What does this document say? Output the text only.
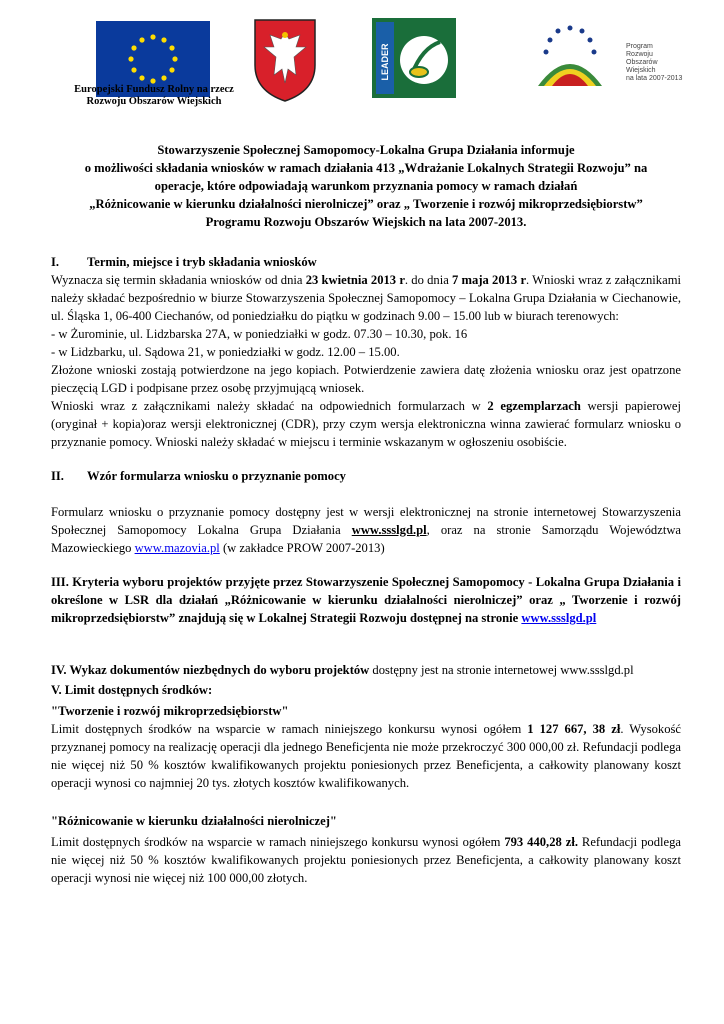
Europejski Fundusz Rolny na rzecz
Rozwoju Obszarów Wiejskich
LEADER	Program
Rozwoju
Obszarów
Wiejskich
na lata 2007-2013
Stowarzyszenie Społecznej Samopomocy-Lokalna Grupa Działania informuje
o możliwości składania wniosków w ramach działania 413 „Wdrażanie Lokalnych Strategii Rozwoju” na
operacje, które odpowiadają warunkom przyznania pomocy w ramach działań
„Różnicowanie w kierunku działalności nierolniczej” oraz „ Tworzenie i rozwój mikroprzedsiębiorstw”
Programu Rozwoju Obszarów Wiejskich na lata 2007-2013.
I. Termin, miejsce i tryb składania wniosków

Wyznacza się termin składania wniosków od dnia 23 kwietnia 2013 r. do dnia 7 maja 2013 r. Wnioski wraz z załącznikami należy składać bezpośrednio w biurze Stowarzyszenia Społecznej Samopomocy – Lokalna Grupa Działania w Ciechanowie, ul. Śląska 1, 06-400 Ciechanów, od poniedziałku do piątku w godzinach 9.00 – 15.00 lub w biurach terenowych:

- w Żurominie, ul. Lidzbarska 27A, w poniedziałki w godz. 07.30 – 10.30, pok. 16

- w Lidzbarku, ul. Sądowa 21, w poniedziałki w godz. 12.00 – 15.00.

Złożone wnioski zostają potwierdzone na jego kopiach. Potwierdzenie zawiera datę złożenia wniosku oraz jest opatrzone pieczęcią LGD i podpisane przez osobę przyjmującą wniosek.

Wnioski wraz z załącznikami należy składać na odpowiednich formularzach w 2 egzemplarzach wersji papierowej (oryginał + kopia)oraz wersji elektronicznej (CDR), przy czym wersja elektroniczna winna zawierać formularz wniosku o przyznanie pomocy. Wnioski należy składać w miejscu i terminie wskazanym w ogłoszeniu osobiście.

II. Wzór formularza wniosku o przyznanie pomocy

Formularz wniosku o przyznanie pomocy dostępny jest w wersji elektronicznej na stronie internetowej Stowarzyszenia Społecznej Samopomocy Lokalna Grupa Działania www.ssslgd.pl, oraz na stronie Samorządu Województwa Mazowieckiego www.mazovia.pl (w zakładce PROW 2007-2013)

III. Kryteria wyboru projektów przyjęte przez Stowarzyszenie Społecznej Samopomocy - Lokalna Grupa Działania i określone w LSR dla działań „Różnicowanie w kierunku działalności nierolniczej” oraz „ Tworzenie i rozwój mikroprzedsiębiorstw” znajdują się w Lokalnej Strategii Rozwoju dostępnej na stronie www.ssslgd.pl

IV. Wykaz dokumentów niezbędnych do wyboru projektów dostępny jest na stronie internetowej www.ssslgd.pl

V. Limit dostępnych środków:
"Tworzenie i rozwój mikroprzedsiębiorstw"

Limit dostępnych środków na wsparcie w ramach niniejszego konkursu wynosi ogółem 1 127 667, 38 zł. Wysokość przyznanej pomocy na realizację operacji dla jednego Beneficjenta nie może przekroczyć 300 000,00 zł. Refundacji podlega nie więcej niż 50 % kosztów kwalifikowanych projektu poniesionych przez Beneficjenta, a całkowity planowany koszt operacji wynosi co najmniej 20 tys. złotych kosztów kwalifikowanych.

"Różnicowanie w kierunku działalności nierolniczej"

Limit dostępnych środków na wsparcie w ramach niniejszego konkursu wynosi ogółem 793 440,28 zł. Refundacji podlega nie więcej niż 50 % kosztów kwalifikowanych projektu poniesionych przez Beneficjenta, a całkowity planowany koszt operacji wynosi nie więcej niż 100 000,00 złotych.
